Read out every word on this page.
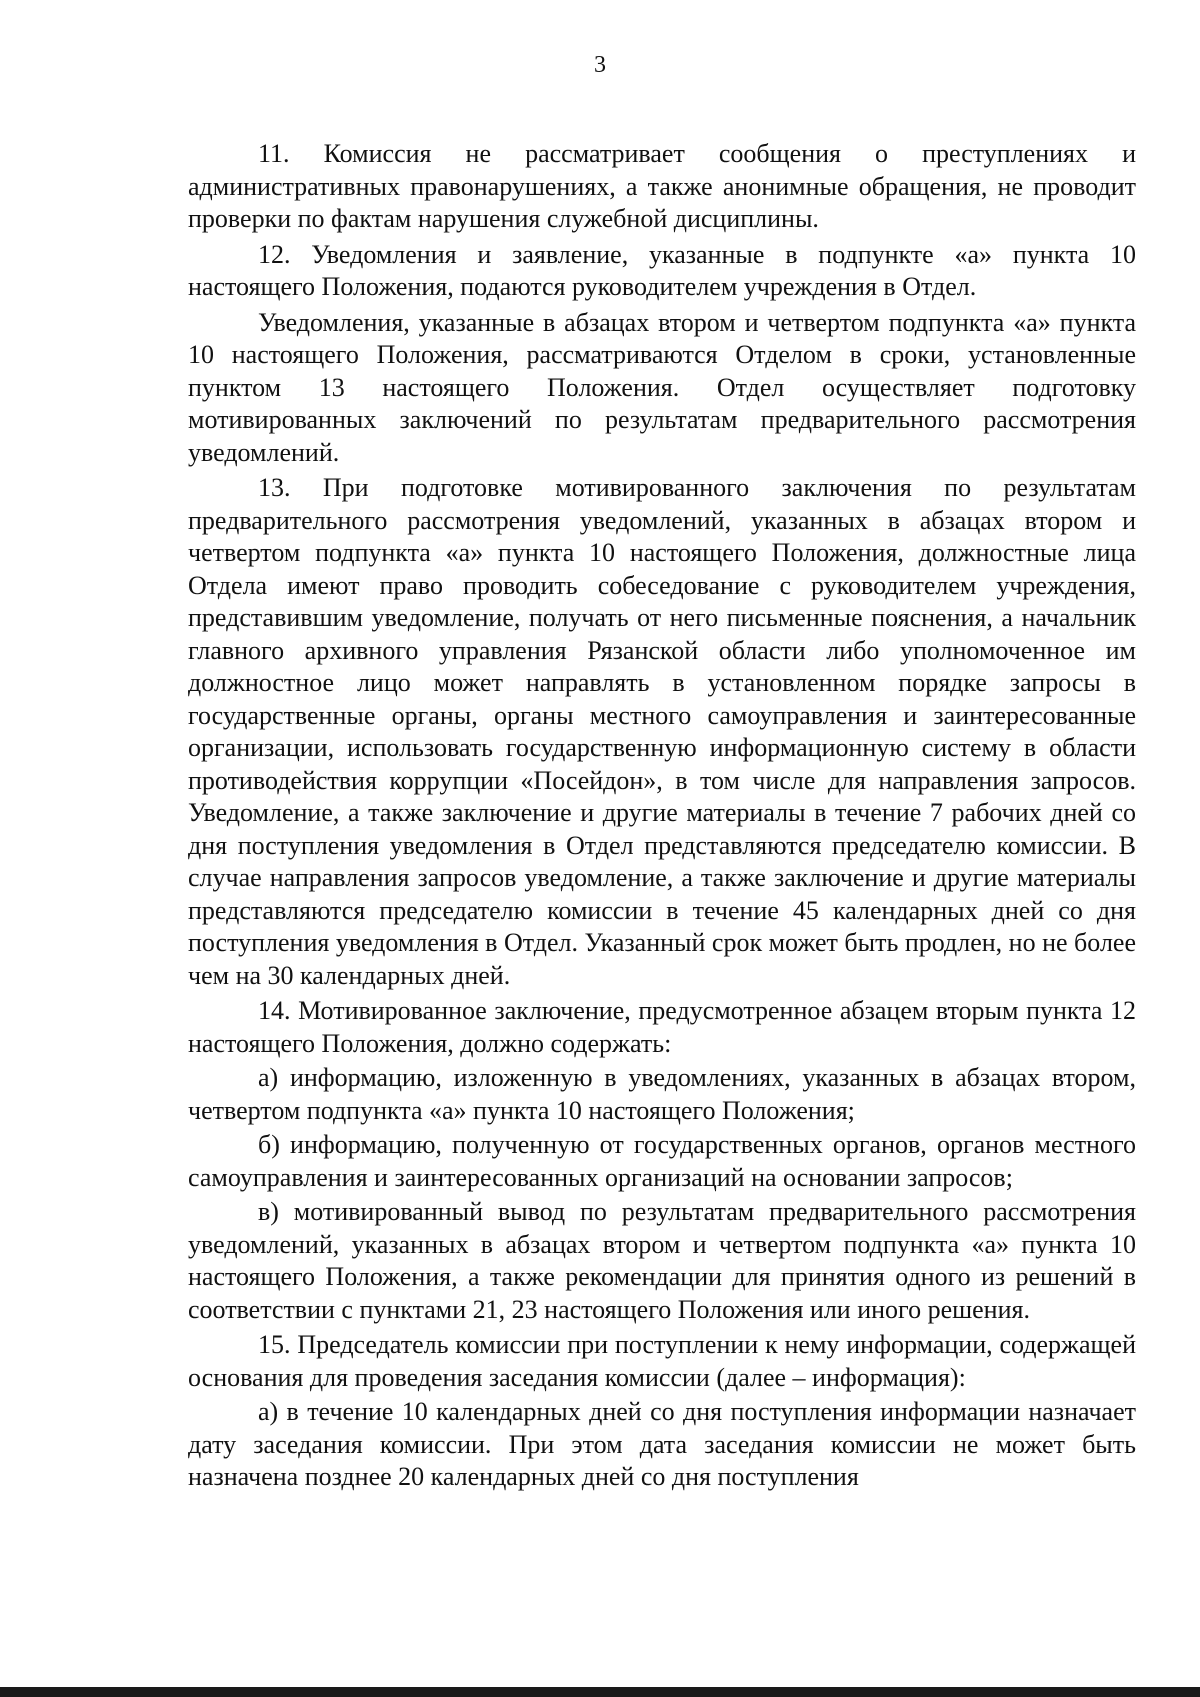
3

11. Комиссия не рассматривает сообщения о преступлениях и административных правонарушениях, а также анонимные обращения, не проводит проверки по фактам нарушения служебной дисциплины.

12. Уведомления и заявление, указанные в подпункте «а» пункта 10 настоящего Положения, подаются руководителем учреждения в Отдел.

Уведомления, указанные в абзацах втором и четвертом подпункта «а» пункта 10 настоящего Положения, рассматриваются Отделом в сроки, установленные пунктом 13 настоящего Положения. Отдел осуществляет подготовку мотивированных заключений по результатам предварительного рассмотрения уведомлений.

13. При подготовке мотивированного заключения по результатам предварительного рассмотрения уведомлений, указанных в абзацах втором и четвертом подпункта «а» пункта 10 настоящего Положения, должностные лица Отдела имеют право проводить собеседование с руководителем учреждения, представившим уведомление, получать от него письменные пояснения, а начальник главного архивного управления Рязанской области либо уполномоченное им должностное лицо может направлять в установленном порядке запросы в государственные органы, органы местного самоуправления и заинтересованные организации, использовать государственную информационную систему в области противодействия коррупции «Посейдон», в том числе для направления запросов. Уведомление, а также заключение и другие материалы в течение 7 рабочих дней со дня поступления уведомления в Отдел представляются председателю комиссии. В случае направления запросов уведомление, а также заключение и другие материалы представляются председателю комиссии в течение 45 календарных дней со дня поступления уведомления в Отдел. Указанный срок может быть продлен, но не более чем на 30 календарных дней.

14. Мотивированное заключение, предусмотренное абзацем вторым пункта 12 настоящего Положения, должно содержать:

а) информацию, изложенную в уведомлениях, указанных в абзацах втором, четвертом подпункта «а» пункта 10 настоящего Положения;

б) информацию, полученную от государственных органов, органов местного самоуправления и заинтересованных организаций на основании запросов;

в) мотивированный вывод по результатам предварительного рассмотрения уведомлений, указанных в абзацах втором и четвертом подпункта «а» пункта 10 настоящего Положения, а также рекомендации для принятия одного из решений в соответствии с пунктами 21, 23 настоящего Положения или иного решения.

15. Председатель комиссии при поступлении к нему информации, содержащей основания для проведения заседания комиссии (далее – информация):

а) в течение 10 календарных дней со дня поступления информации назначает дату заседания комиссии. При этом дата заседания комиссии не может быть назначена позднее 20 календарных дней со дня поступления
